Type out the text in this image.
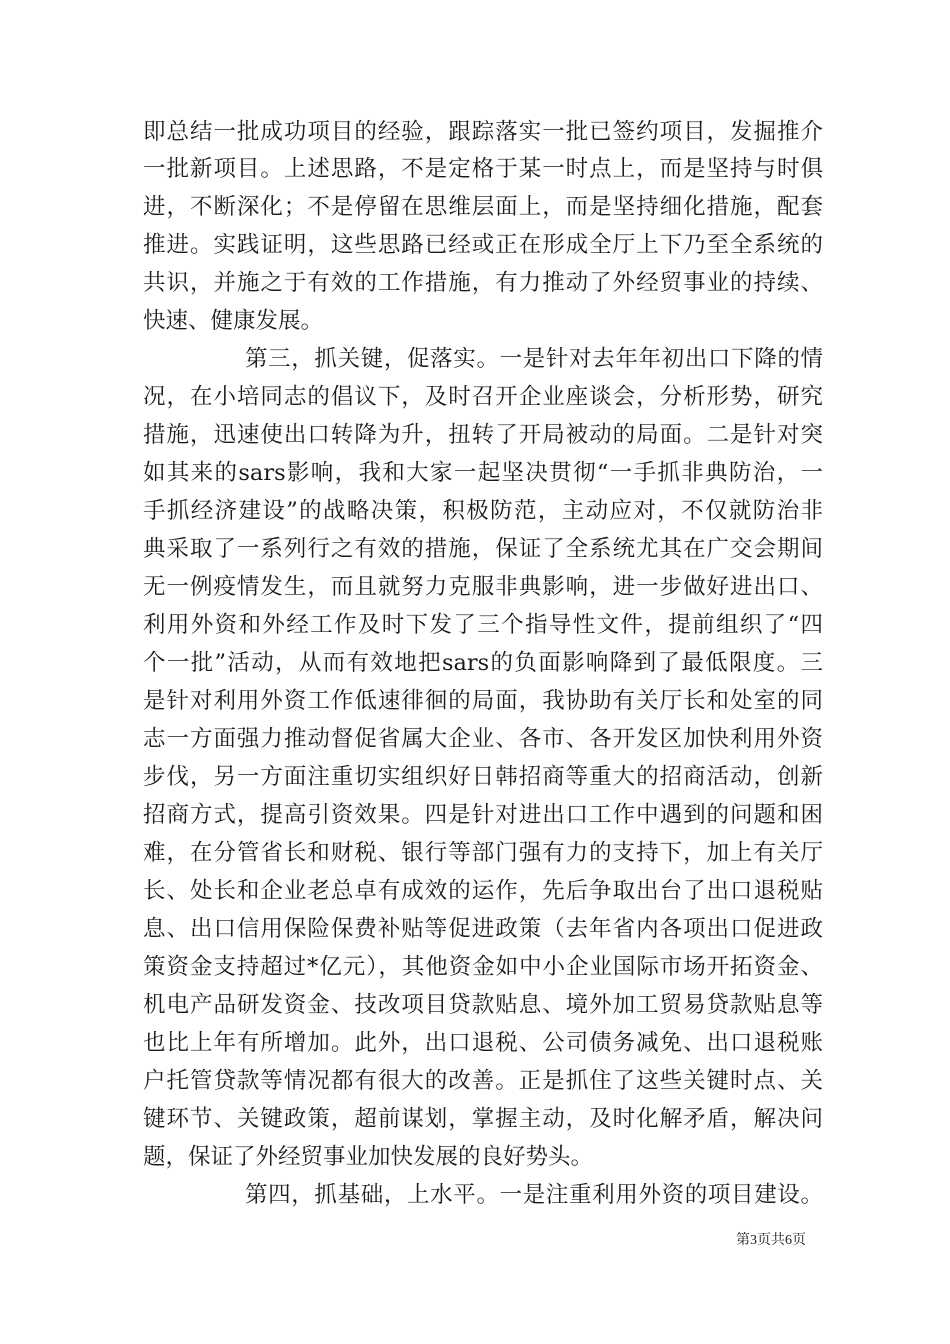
即总结一批成功项目的经验，跟踪落实一批已签约项目，发掘推介
一批新项目。上述思路，不是定格于某一时点上，而是坚持与时俱
进，不断深化；不是停留在思维层面上，而是坚持细化措施，配套
推进。实践证明，这些思路已经或正在形成全厅上下乃至全系统的
共识，并施之于有效的工作措施，有力推动了外经贸事业的持续、
快速、健康发展。
第三，抓关键，促落实。一是针对去年年初出口下降的情
况，在小培同志的倡议下，及时召开企业座谈会，分析形势，研究
措施，迅速使出口转降为升，扭转了开局被动的局面。二是针对突
如其来的sars影响，我和大家一起坚决贯彻“一手抓非典防治，一
手抓经济建设”的战略决策，积极防范，主动应对，不仅就防治非
典采取了一系列行之有效的措施，保证了全系统尤其在广交会期间
无一例疫情发生，而且就努力克服非典影响，进一步做好进出口、
利用外资和外经工作及时下发了三个指导性文件，提前组织了“四
个一批”活动，从而有效地把sars的负面影响降到了最低限度。三
是针对利用外资工作低速徘徊的局面，我协助有关厅长和处室的同
志一方面强力推动督促省属大企业、各市、各开发区加快利用外资
步伐，另一方面注重切实组织好日韩招商等重大的招商活动，创新
招商方式，提高引资效果。四是针对进出口工作中遇到的问题和困
难，在分管省长和财税、银行等部门强有力的支持下，加上有关厅
长、处长和企业老总卓有成效的运作，先后争取出台了出口退税贴
息、出口信用保险保费补贴等促进政策（去年省内各项出口促进政
策资金支持超过*亿元），其他资金如中小企业国际市场开拓资金、
机电产品研发资金、技改项目贷款贴息、境外加工贸易贷款贴息等
也比上年有所增加。此外，出口退税、公司债务减免、出口退税账
户托管贷款等情况都有很大的改善。正是抓住了这些关键时点、关
键环节、关键政策，超前谋划，掌握主动，及时化解矛盾，解决问
题，保证了外经贸事业加快发展的良好势头。
第四，抓基础，上水平。一是注重利用外资的项目建设。
第3页共6页
